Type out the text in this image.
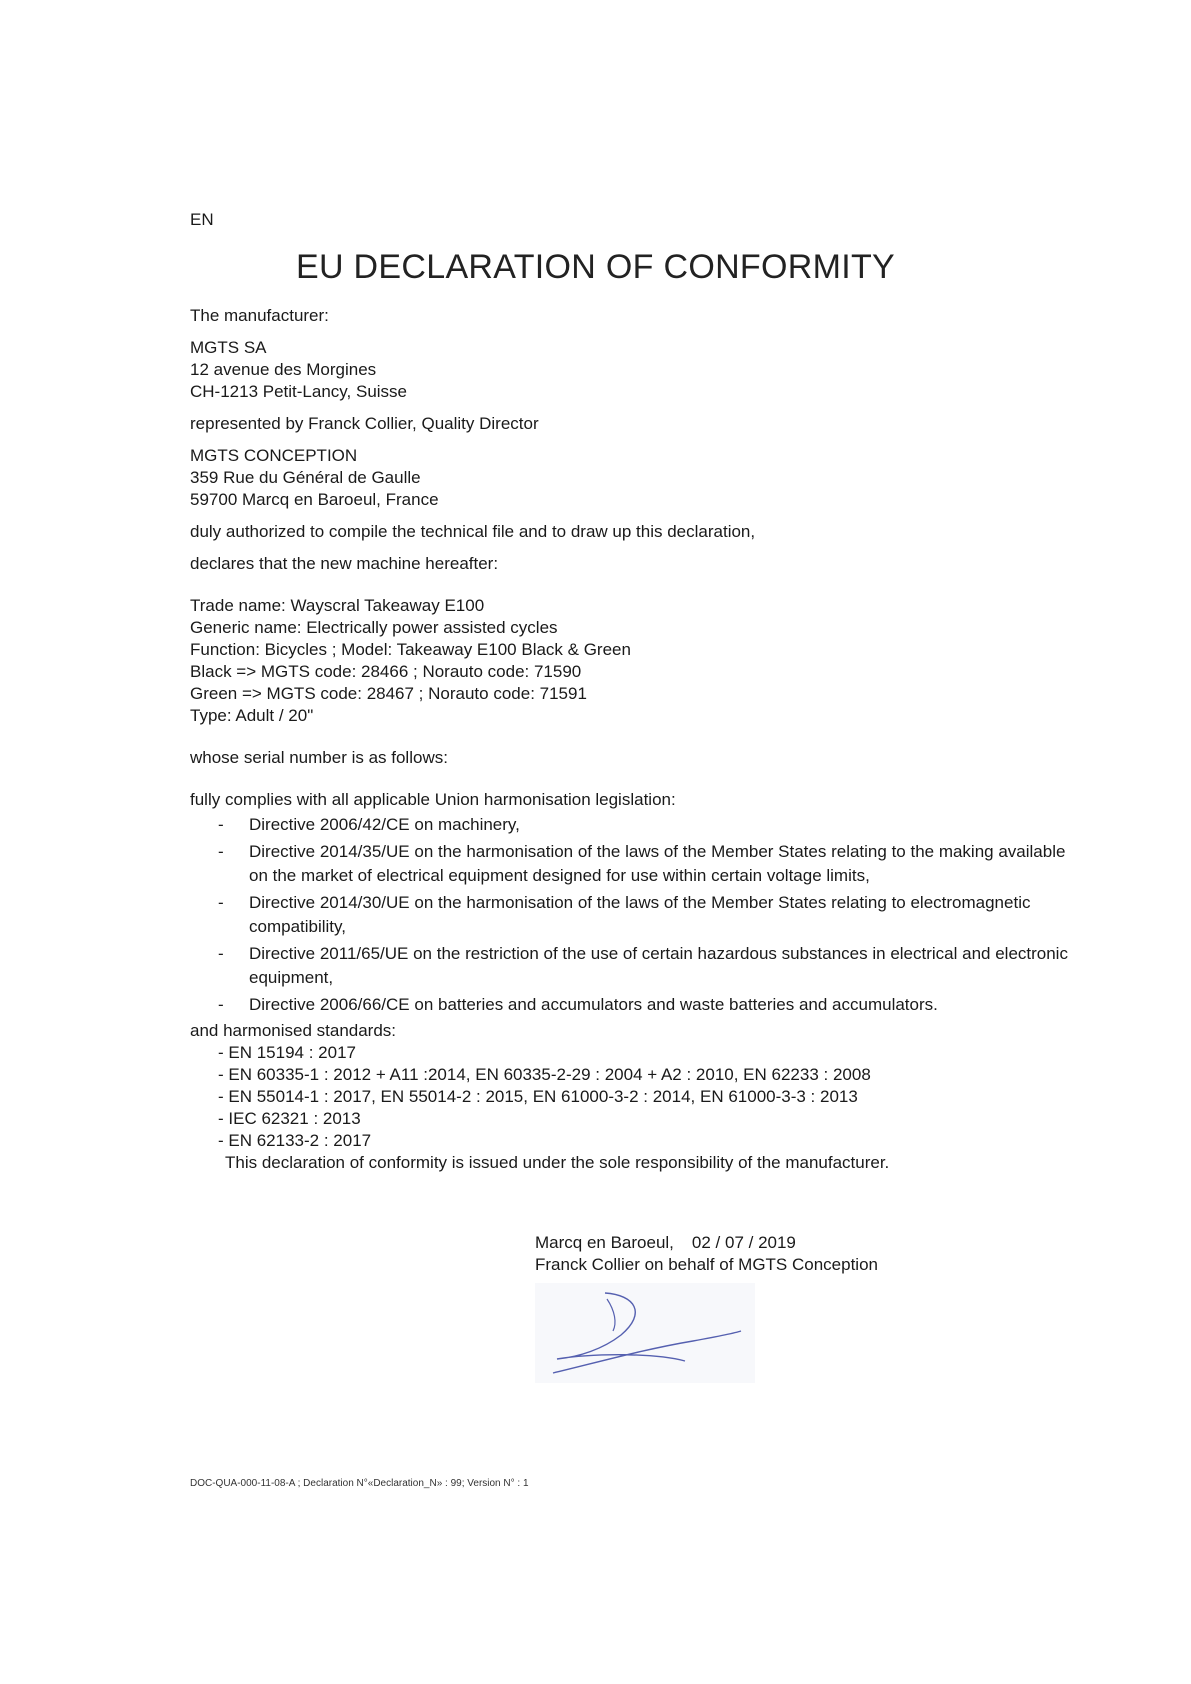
EN
EU DECLARATION OF CONFORMITY

The manufacturer:

MGTS SA

12 avenue des Morgines

CH-1213 Petit-Lancy, Suisse

represented by Franck Collier, Quality Director

MGTS CONCEPTION

359 Rue du Général de Gaulle

59700 Marcq en Baroeul, France

duly authorized to compile the technical file and to draw up this declaration,

declares that the new machine hereafter:

Trade name: Wayscral Takeaway E100

Generic name: Electrically power assisted cycles

Function: Bicycles ; Model: Takeaway E100 Black & Green

Black => MGTS code: 28466 ; Norauto code: 71590

Green => MGTS code: 28467 ; Norauto code: 71591

Type: Adult / 20"

whose serial number is as follows:

fully complies with all applicable Union harmonisation legislation:

- Directive 2006/42/CE on machinery,
- Directive 2014/35/UE on the harmonisation of the laws of the Member States relating to the making available on the market of electrical equipment designed for use within certain voltage limits,
- Directive 2014/30/UE on the harmonisation of the laws of the Member States relating to electromagnetic compatibility,
- Directive 2011/65/UE on the restriction of the use of certain hazardous substances in electrical and electronic equipment,
- Directive 2006/66/CE on batteries and accumulators and waste batteries and accumulators.

and harmonised standards:

- EN 15194 : 2017
- EN 60335-1 : 2012 + A11 :2014, EN 60335-2-29 : 2004 + A2 : 2010, EN 62233 : 2008
- EN 55014-1 : 2017, EN 55014-2 : 2015, EN 61000-3-2 : 2014, EN 61000-3-3 : 2013
- IEC 62321 : 2013
- EN 62133-2 : 2017

This declaration of conformity is issued under the sole responsibility of the manufacturer.

Marcq en Baroeul, 02 / 07 / 2019

Franck Collier on behalf of MGTS Conception

DOC-QUA-000-11-08-A ; Declaration N°«Declaration_N» : 99; Version N° : 1
